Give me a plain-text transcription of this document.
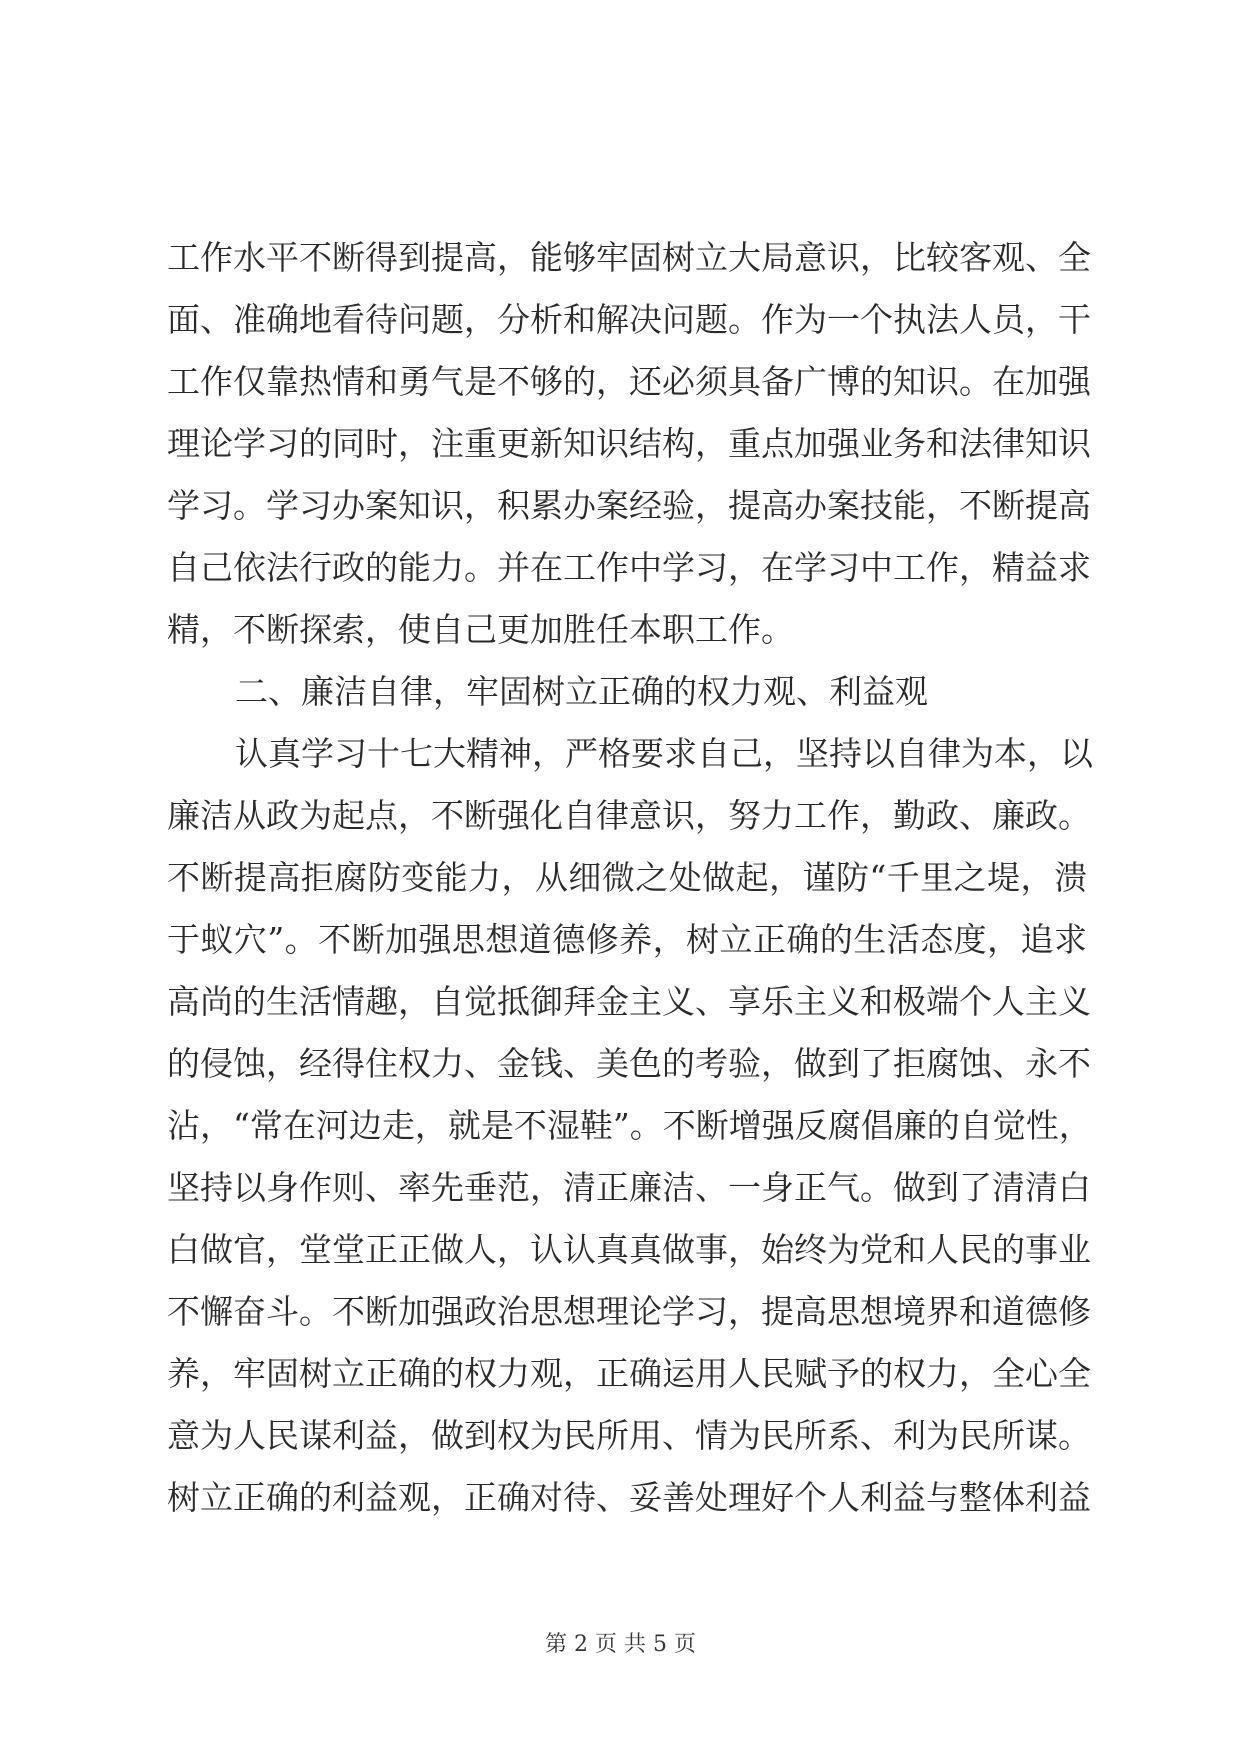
工作水平不断得到提高，能够牢固树立大局意识，比较客观、全
面、准确地看待问题，分析和解决问题。作为一个执法人员，干
工作仅靠热情和勇气是不够的，还必须具备广博的知识。在加强
理论学习的同时，注重更新知识结构，重点加强业务和法律知识
学习。学习办案知识，积累办案经验，提高办案技能，不断提高
自己依法行政的能力。并在工作中学习，在学习中工作，精益求
精，不断探索，使自己更加胜任本职工作。
二、廉洁自律，牢固树立正确的权力观、利益观
认真学习十七大精神，严格要求自己，坚持以自律为本，以
廉洁从政为起点，不断强化自律意识，努力工作，勤政、廉政。
不断提高拒腐防变能力，从细微之处做起，谨防“千里之堤，溃
于蚁穴”。不断加强思想道德修养，树立正确的生活态度，追求
高尚的生活情趣，自觉抵御拜金主义、享乐主义和极端个人主义
的侵蚀，经得住权力、金钱、美色的考验，做到了拒腐蚀、永不
沾，“常在河边走，就是不湿鞋”。不断增强反腐倡廉的自觉性，
坚持以身作则、率先垂范，清正廉洁、一身正气。做到了清清白
白做官，堂堂正正做人，认认真真做事，始终为党和人民的事业
不懈奋斗。不断加强政治思想理论学习，提高思想境界和道德修
养，牢固树立正确的权力观，正确运用人民赋予的权力，全心全
意为人民谋利益，做到权为民所用、情为民所系、利为民所谋。
树立正确的利益观，正确对待、妥善处理好个人利益与整体利益
第 2 页 共 5 页
